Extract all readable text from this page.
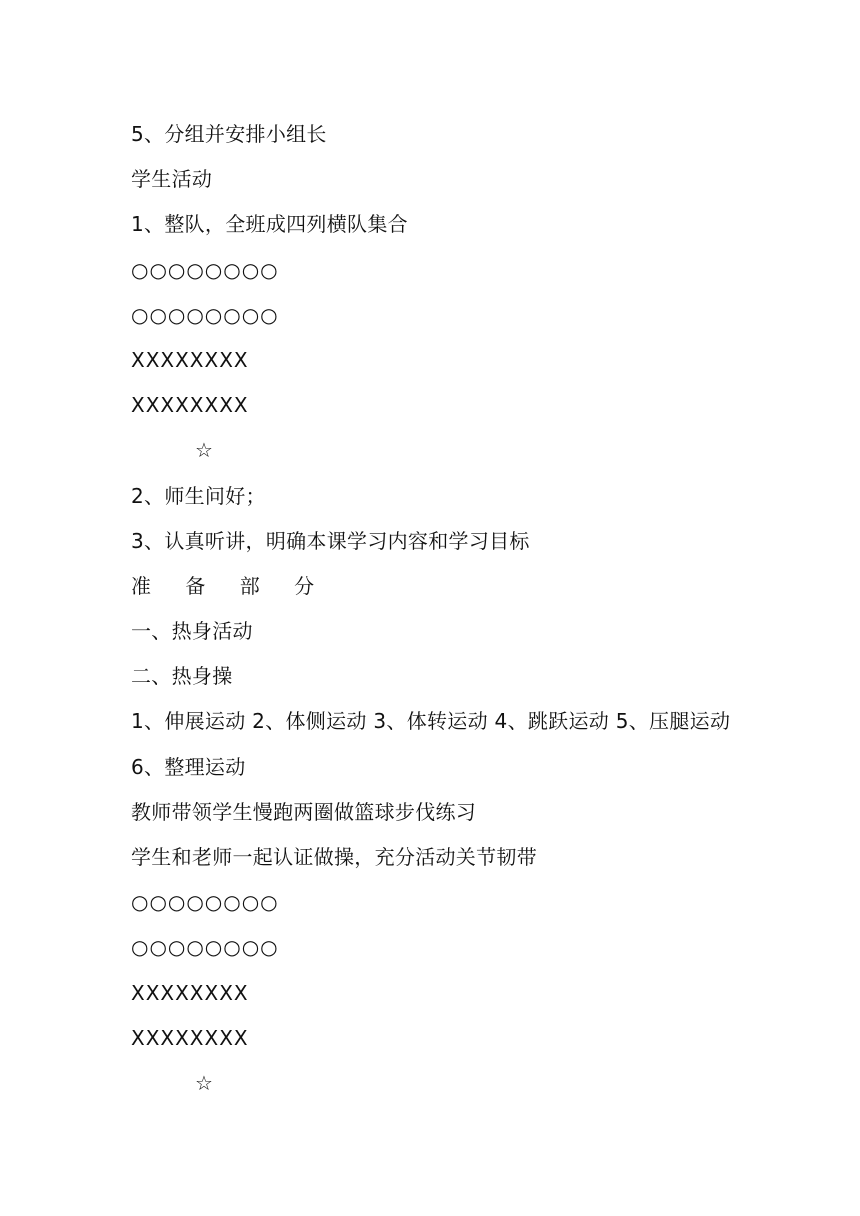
5、分组并安排小组长
学生活动
1、整队，全班成四列横队集合
○○○○○○○○
○○○○○○○○
XXXXXXXX
XXXXXXXX
☆
2、师生问好；
3、认真听讲，明确本课学习内容和学习目标
准 备 部 分
一、热身活动
二、热身操
1、伸展运动 2、体侧运动 3、体转运动 4、跳跃运动 5、压腿运动 6、整理运动
教师带领学生慢跑两圈做篮球步伐练习
学生和老师一起认证做操，充分活动关节韧带
○○○○○○○○
○○○○○○○○
XXXXXXXX
XXXXXXXX
☆
